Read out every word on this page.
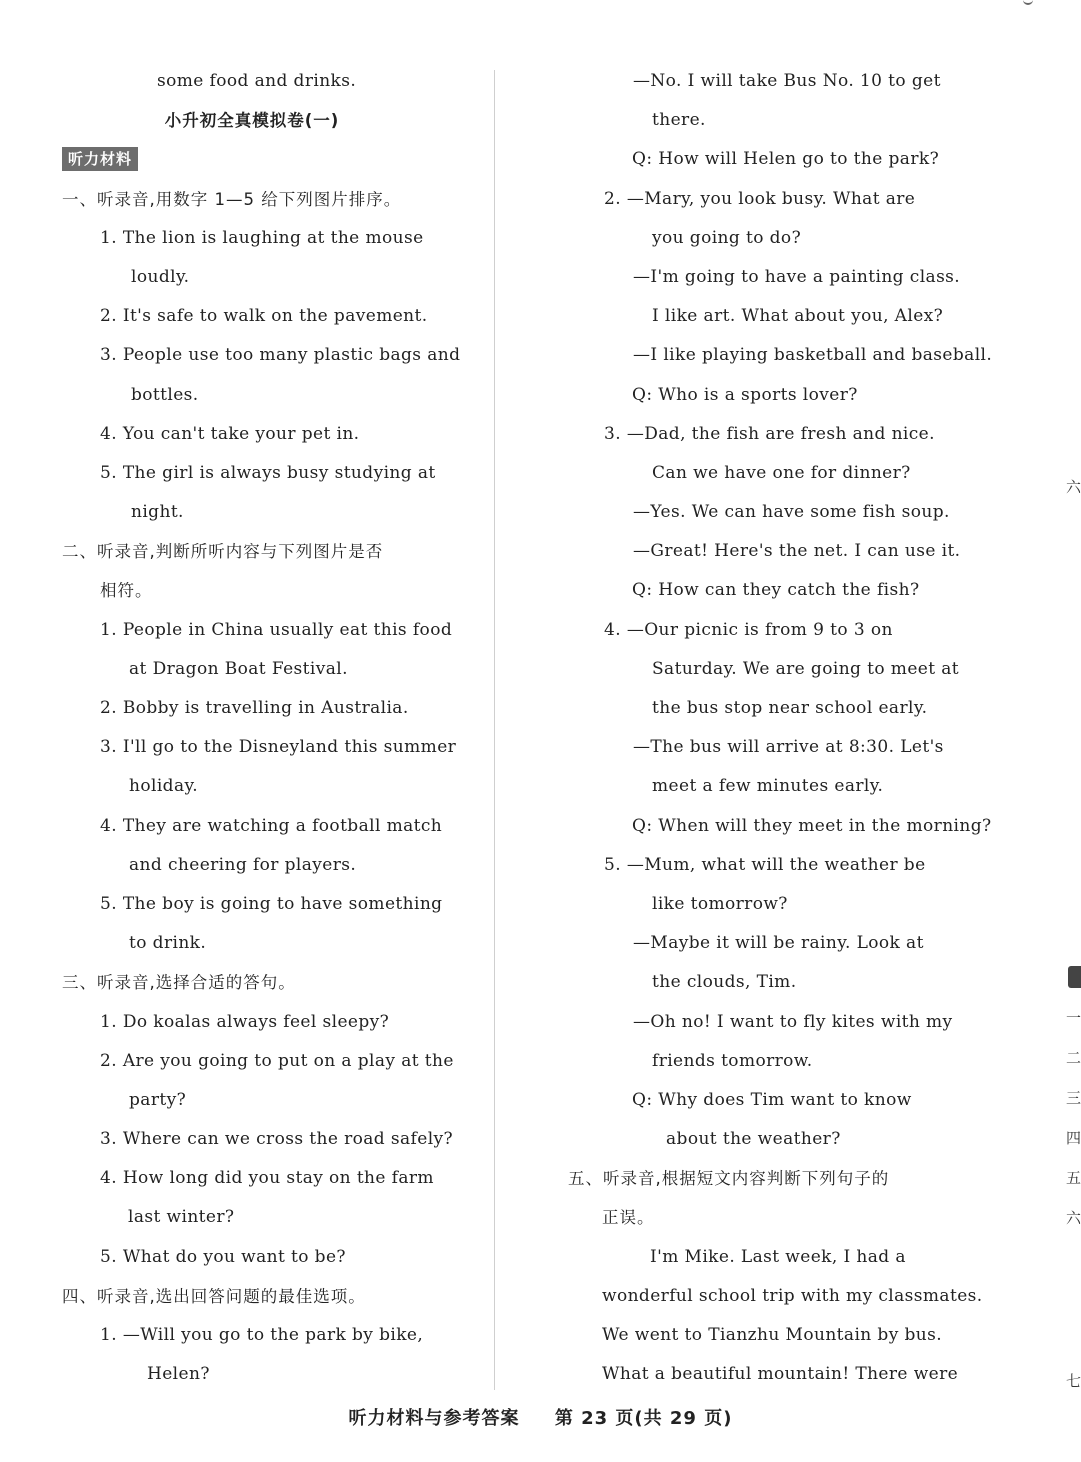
some food and drinks.
小升初全真模拟卷(一)
听力材料
一、听录音,用数字 1—5 给下列图片排序。
1. The lion is laughing at the mouse
loudly.
2. It's safe to walk on the pavement.
3. People use too many plastic bags and
bottles.
4. You can't take your pet in.
5. The girl is always busy studying at
night.
二、听录音,判断所听内容与下列图片是否
相符。
1. People in China usually eat this food
at Dragon Boat Festival.
2. Bobby is travelling in Australia.
3. I'll go to the Disneyland this summer
holiday.
4. They are watching a football match
and cheering for players.
5. The boy is going to have something
to drink.
三、听录音,选择合适的答句。
1. Do koalas always feel sleepy?
2. Are you going to put on a play at the
party?
3. Where can we cross the road safely?
4. How long did you stay on the farm
last winter?
5. What do you want to be?
四、听录音,选出回答问题的最佳选项。
1. —Will you go to the park by bike,
Helen?
—No. I will take Bus No. 10 to get
there.
Q: How will Helen go to the park?
2. —Mary, you look busy. What are
you going to do?
—I'm going to have a painting class.
I like art. What about you, Alex?
—I like playing basketball and baseball.
Q: Who is a sports lover?
3. —Dad, the fish are fresh and nice.
Can we have one for dinner?
—Yes. We can have some fish soup.
—Great! Here's the net. I can use it.
Q: How can they catch the fish?
4. —Our picnic is from 9 to 3 on
Saturday. We are going to meet at
the bus stop near school early.
—The bus will arrive at 8:30. Let's
meet a few minutes early.
Q: When will they meet in the morning?
5. —Mum, what will the weather be
like tomorrow?
—Maybe it will be rainy. Look at
the clouds, Tim.
—Oh no! I want to fly kites with my
friends tomorrow.
Q: Why does Tim want to know
about the weather?
五、听录音,根据短文内容判断下列句子的
正误。
I'm Mike. Last week, I had a
wonderful school trip with my classmates.
We went to Tianzhu Mountain by bus.
What a beautiful mountain! There were
六
一
二
三
四
五
六
七
听力材料与参考答案 第 23 页(共 29 页)
